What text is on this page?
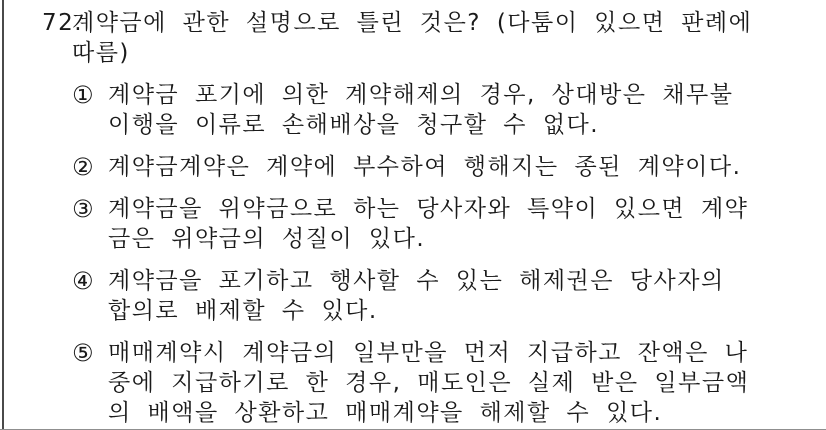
72.
계약금에 관한 설명으로 틀린 것은? (다툼이 있으면 판례에
따름)
① 계약금 포기에 의한 계약해제의 경우, 상대방은 채무불
이행을 이류로 손해배상을 청구할 수 없다.
② 계약금계약은 계약에 부수하여 행해지는 종된 계약이다.
③ 계약금을 위약금으로 하는 당사자와 특약이 있으면 계약
금은 위약금의 성질이 있다.
④ 계약금을 포기하고 행사할 수 있는 해제권은 당사자의
합의로 배제할 수 있다.
⑤ 매매계약시 계약금의 일부만을 먼저 지급하고 잔액은 나
중에 지급하기로 한 경우, 매도인은 실제 받은 일부금액
의 배액을 상환하고 매매계약을 해제할 수 있다.
